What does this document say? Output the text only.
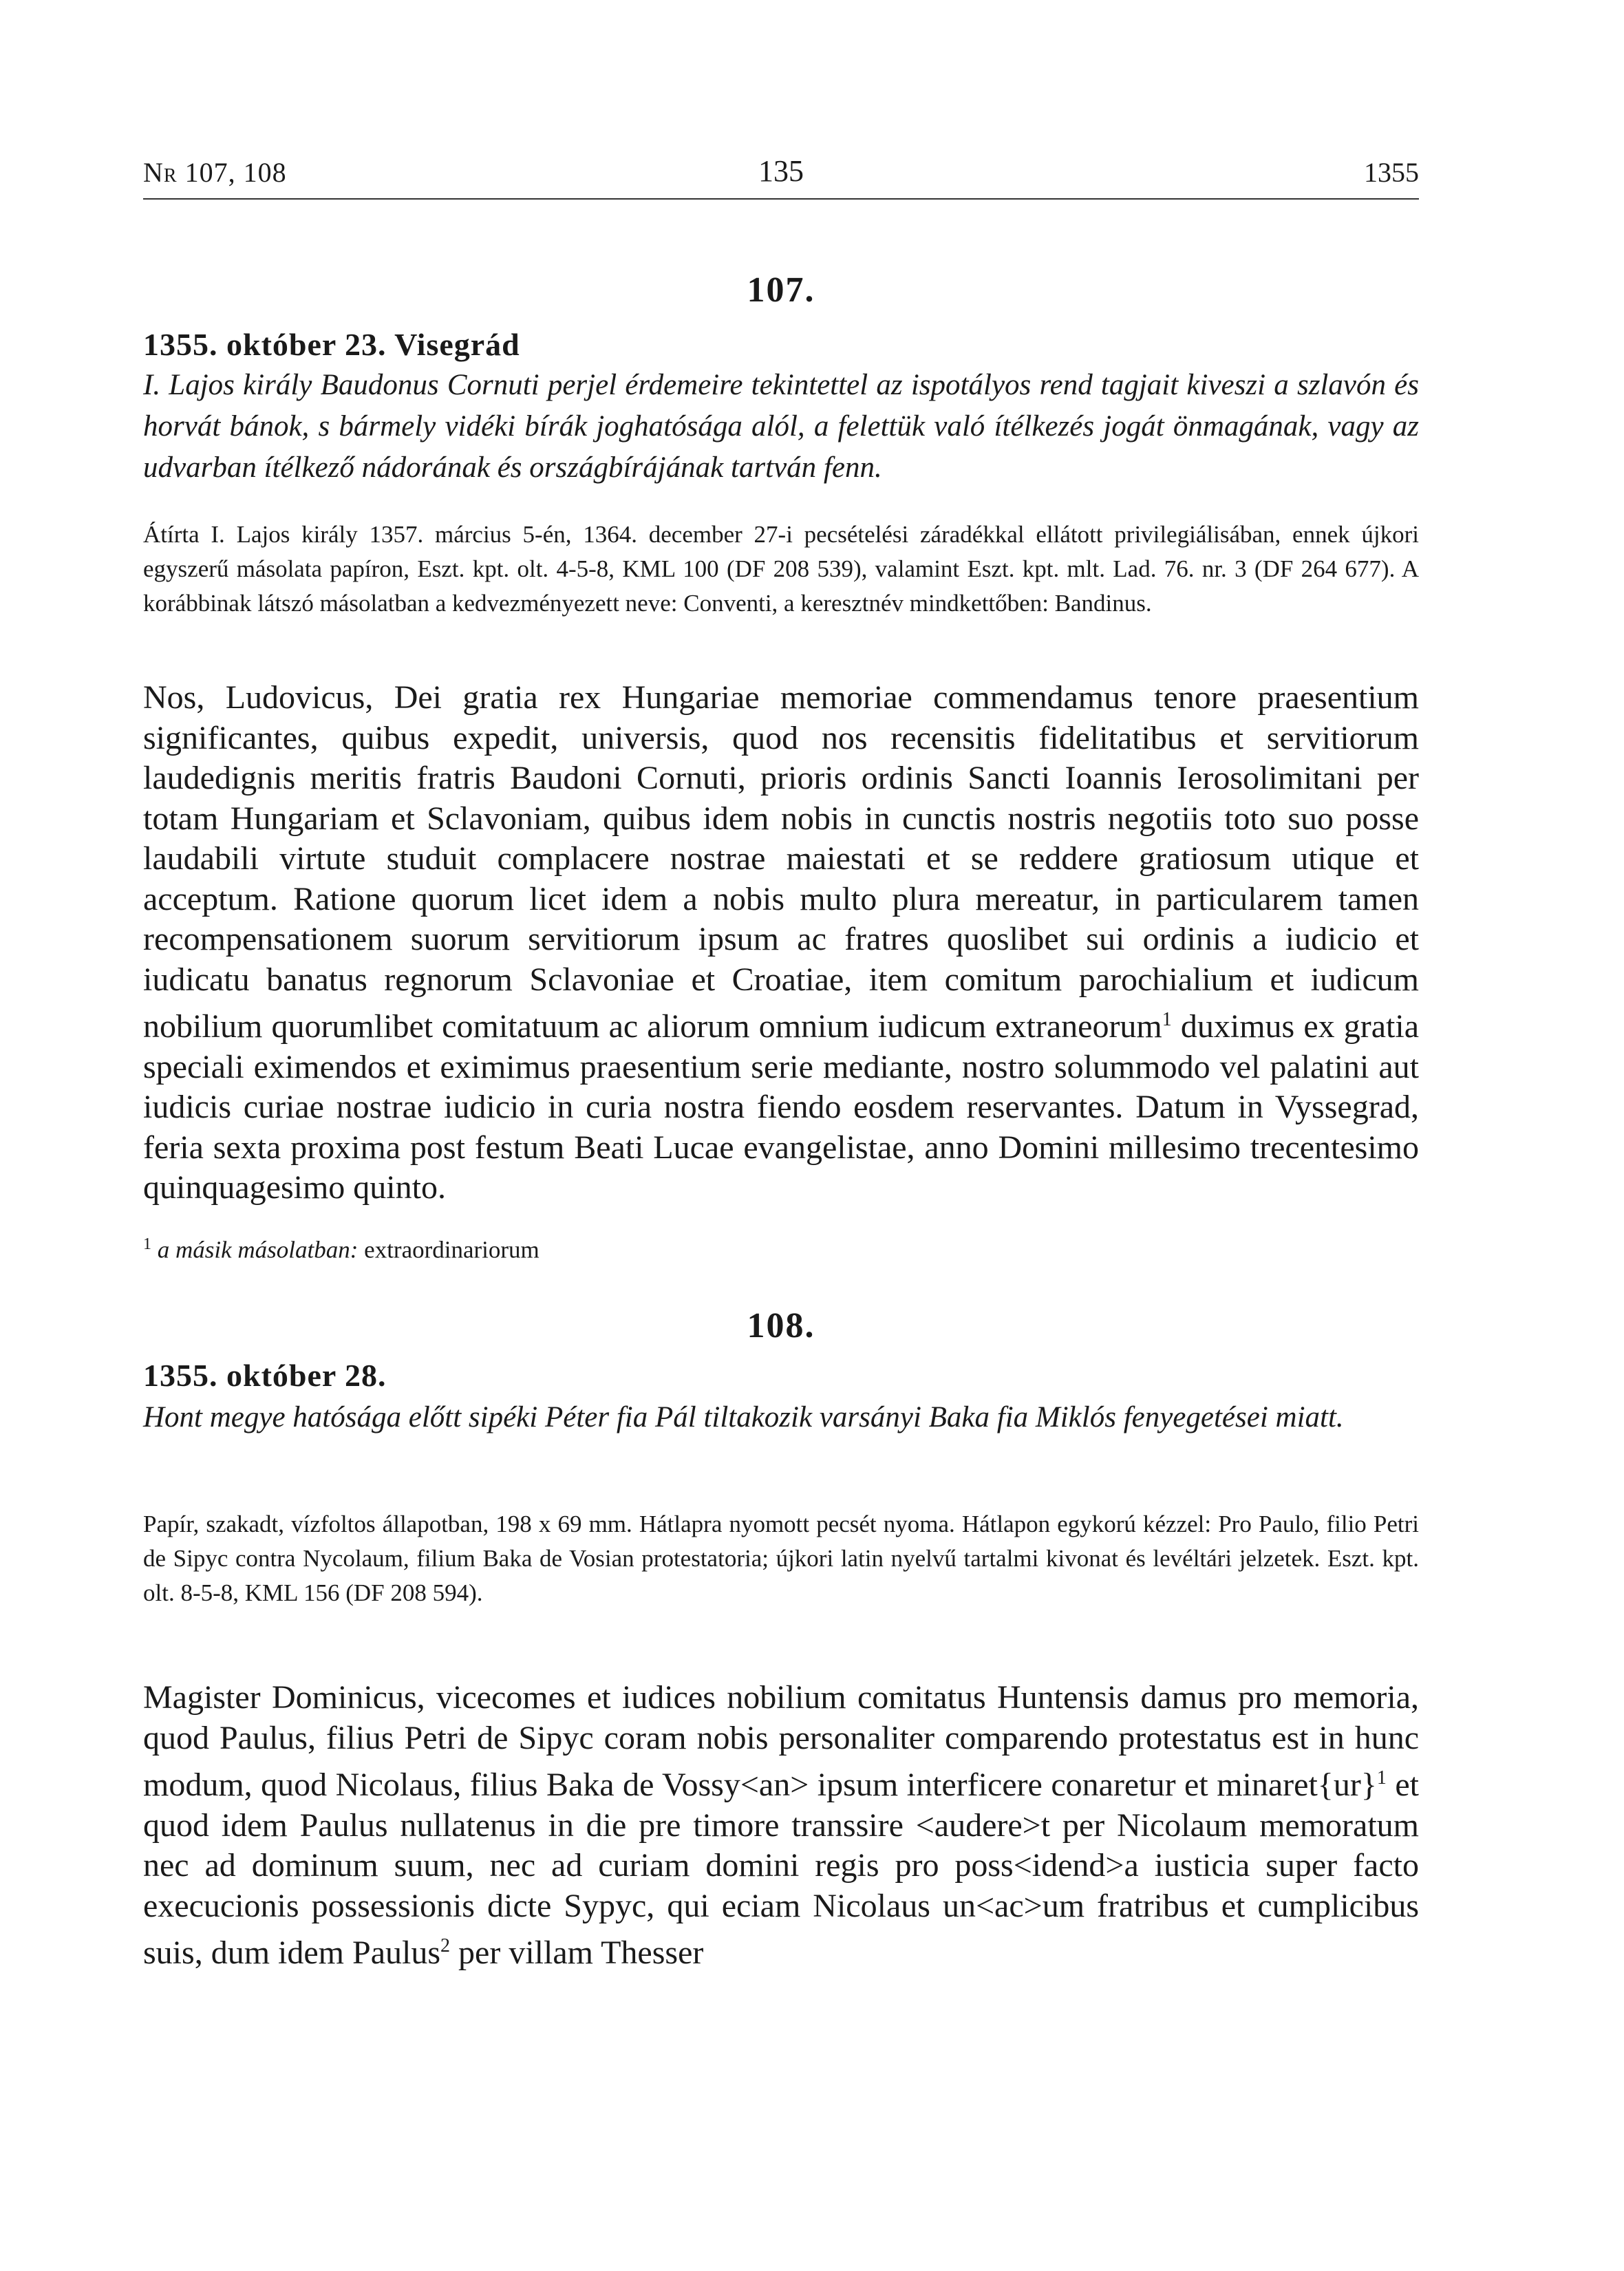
Nr 107, 108	135	1355
107.
1355. október 23. Visegrád
I. Lajos király Baudonus Cornuti perjel érdemeire tekintettel az ispotályos rend tagjait kiveszi a szlavón és horvát bánok, s bármely vidéki bírák joghatósága alól, a felettük való ítélkezés jogát önmagának, vagy az udvarban ítélkező nádorának és országbírájának tartván fenn.
Átírta I. Lajos király 1357. március 5-én, 1364. december 27-i pecsételési záradékkal ellátott privilegiálisában, ennek újkori egyszerű másolata papíron, Eszt. kpt. olt. 4-5-8, KML 100 (DF 208 539), valamint Eszt. kpt. mlt. Lad. 76. nr. 3 (DF 264 677). A korábbinak látszó másolatban a kedvezményezett neve: Conventi, a keresztnév mindkettőben: Bandinus.
Nos, Ludovicus, Dei gratia rex Hungariae memoriae commendamus tenore praesentium significantes, quibus expedit, universis, quod nos recensitis fidelitatibus et servitiorum laudedignis meritis fratris Baudoni Cornuti, prioris ordinis Sancti Ioannis Ierosolimitani per totam Hungariam et Sclavoniam, quibus idem nobis in cunctis nostris negotiis toto suo posse laudabili virtute studuit complacere nostrae maiestati et se reddere gratiosum utique et acceptum. Ratione quorum licet idem a nobis multo plura mereatur, in particularem tamen recompensationem suorum servitiorum ipsum ac fratres quoslibet sui ordinis a iudicio et iudicatu banatus regnorum Sclavoniae et Croatiae, item comitum parochialium et iudicum nobilium quorumlibet comitatuum ac aliorum omnium iudicum extraneorum$^1$ duximus ex gratia speciali eximendos et eximimus praesentium serie mediante, nostro solummodo vel palatini aut iudicis curiae nostrae iudicio in curia nostra fiendo eosdem reservantes. Datum in Vyssegrad, feria sexta proxima post festum Beati Lucae evangelistae, anno Domini millesimo trecentesimo quinquagesimo quinto.
$^1$ a másik másolatban: extraordinariorum
108.
1355. október 28.
Hont megye hatósága előtt sipéki Péter fia Pál tiltakozik varsányi Baka fia Miklós fenyegetései miatt.
Papír, szakadt, vízfoltos állapotban, 198 x 69 mm. Hátlapra nyomott pecsét nyoma. Hátlapon egykorú kézzel: Pro Paulo, filio Petri de Sipyc contra Nycolaum, filium Baka de Vosian protestatoria; újkori latin nyelvű tartalmi kivonat és levéltári jelzetek. Eszt. kpt. olt. 8-5-8, KML 156 (DF 208 594).
Magister Dominicus, vicecomes et iudices nobilium comitatus Huntensis damus pro memoria, quod Paulus, filius Petri de Sipyc coram nobis personaliter comparendo protestatus est in hunc modum, quod Nicolaus, filius Baka de Vossy<an> ipsum interficere conaretur et minaret{ur}$^1$ et quod idem Paulus nullatenus in die pre timore transsire <audere>t per Nicolaum memoratum nec ad dominum suum, nec ad curiam domini regis pro poss<idend>a iusticia super facto execucionis possessionis dicte Sypyc, qui eciam Nicolaus un<ac>um fratribus et cumplicibus suis, dum idem Paulus$^2$ per villam Thesser
